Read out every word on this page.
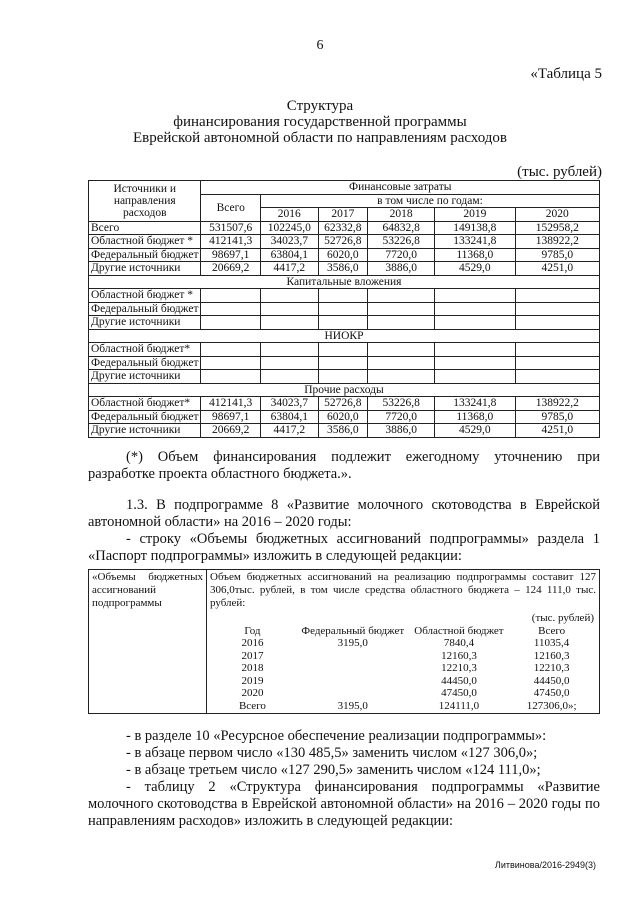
6
«Таблица 5
Структура
финансирования государственной программы
Еврейской автономной области по направлениям расходов
(тыс. рублей)
Источники и направления расходов	Финансовые затраты					
	Всего	в том числе по годам:				
		2016	2017	2018	2019	2020
Всего	531507,6	102245,0	62332,8	64832,8	149138,8	152958,2
Областной бюджет *	412141,3	34023,7	52726,8	53226,8	133241,8	138922,2
Федеральный бюджет	98697,1	63804,1	6020,0	7720,0	11368,0	9785,0
Другие источники	20669,2	4417,2	3586,0	3886,0	4529,0	4251,0
Капитальные вложения						
Областной бюджет *						
Федеральный бюджет						
Другие источники						
НИОКР						
Областной бюджет*						
Федеральный бюджет						
Другие источники						
Прочие расходы						
Областной бюджет*	412141,3	34023,7	52726,8	53226,8	133241,8	138922,2
Федеральный бюджет	98697,1	63804,1	6020,0	7720,0	11368,0	9785,0
Другие источники	20669,2	4417,2	3586,0	3886,0	4529,0	4251,0

(*) Объем финансирования подлежит ежегодному уточнению при разработке проекта областного бюджета.».

1.3. В подпрограмме 8 «Развитие молочного скотоводства в Еврейской автономной области» на 2016 – 2020 годы:

- строку «Объемы бюджетных ассигнований подпрограммы» раздела 1 «Паспорт подпрограммы» изложить в следующей редакции:

«Объемы бюджетных ассигнований подпрограммы

Объем бюджетных ассигнований на реализацию подпрограммы составит 127 306,0тыс. рублей, в том числе средства областного бюджета – 124 111,0 тыс. рублей:
			(тыс. рублей)
Год	Федеральный бюджет	Областной бюджет	Всего
2016	3195,0	7840,4	11035,4
2017		12160,3	12160,3
2018		12210,3	12210,3
2019		44450,0	44450,0
2020		47450,0	47450,0
Всего	3195,0	124111,0	127306,0»;

- в разделе 10 «Ресурсное обеспечение реализации подпрограммы»:

- в абзаце первом число «130 485,5» заменить числом «127 306,0»;

- в абзаце третьем число «127 290,5» заменить числом «124 111,0»;

- таблицу 2 «Структура финансирования подпрограммы «Развитие молочного скотоводства в Еврейской автономной области» на 2016 – 2020 годы по направлениям расходов» изложить в следующей редакции:

Литвинова/2016-2949(3)
